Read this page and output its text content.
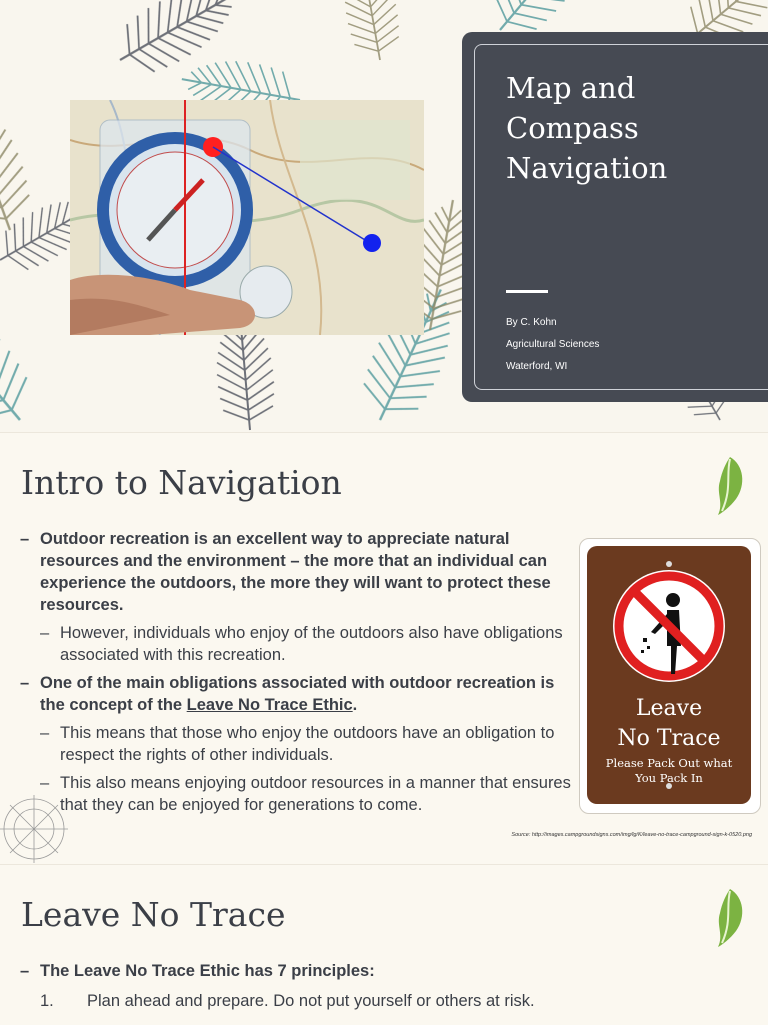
Map and
Compass
Navigation
By C. Kohn
Agricultural Sciences
Waterford, WI
Intro to Navigation
– Outdoor recreation is an excellent way to appreciate natural resources and the environment – the more that an individual can experience the outdoors, the more they will want to protect these resources.
– However, individuals who enjoy of the outdoors also have obligations associated with this recreation.
– One of the main obligations associated with outdoor recreation is the concept of the Leave No Trace Ethic.
– This means that those who enjoy the outdoors have an obligation to respect the rights of other individuals.
– This also means enjoying outdoor resources in a manner that ensures that they can be enjoyed for generations to come.
Leave
No Trace
Please Pack Out what
You Pack In
Source: http://images.campgroundsigns.com/img/lg/K/leave-no-trace-campground-sign-k-0520.png
Leave No Trace
– The Leave No Trace Ethic has 7 principles:
1. Plan ahead and prepare. Do not put yourself or others at risk.
